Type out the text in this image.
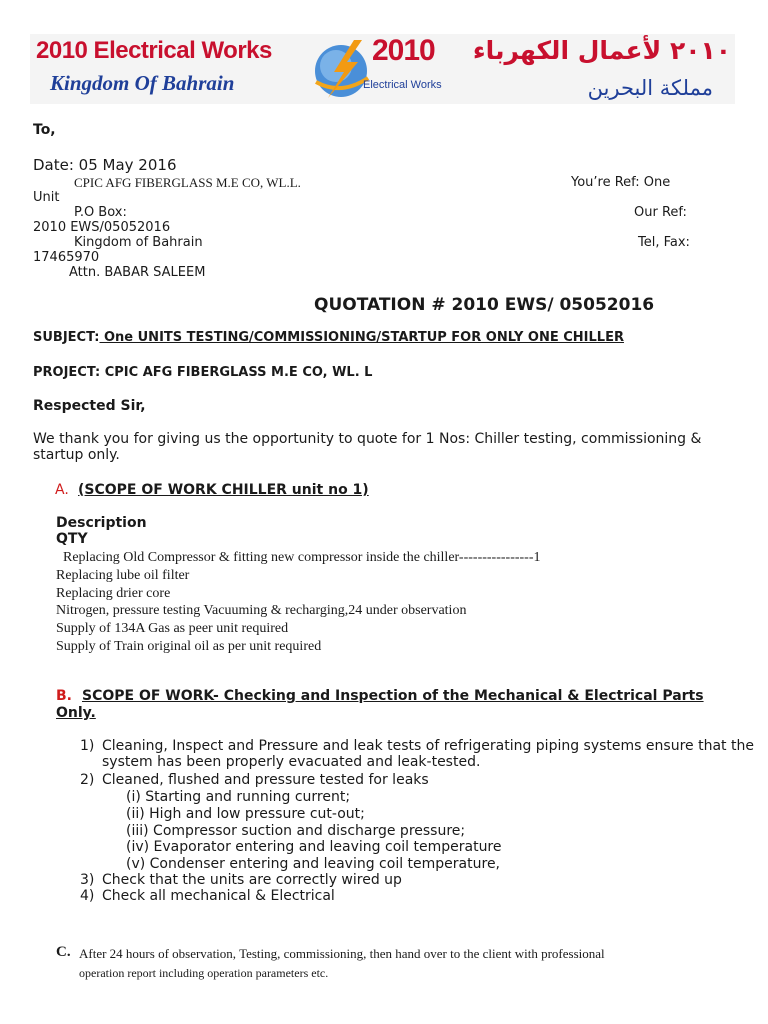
2010 Electrical Works
Kingdom Of Bahrain
2010
Electrical Works
٢٠١٠ لأعمال الكهرباء
مملكة البحرين
To,
Date: 05 May 2016
CPIC AFG FIBERGLASS M.E CO, WL.L.	You’re Ref: One
Unit
P.O Box:	Our Ref:
2010 EWS/05052016
Kingdom of Bahrain	Tel, Fax:
17465970
Attn. BABAR SALEEM
QUOTATION # 2010 EWS/ 05052016
SUBJECT: One UNITS TESTING/COMMISSIONING/STARTUP FOR ONLY ONE CHILLER
PROJECT: CPIC AFG FIBERGLASS M.E CO, WL. L
Respected Sir,
We thank you for giving us the opportunity to quote for 1 Nos: Chiller testing, commissioning &
startup only.
A. (SCOPE OF WORK CHILLER unit no 1)
Description
QTY
Replacing Old Compressor & fitting new compressor inside the chiller----------------1
Replacing lube oil filter
Replacing drier core
Nitrogen, pressure testing Vacuuming & recharging,24 under observation
Supply of 134A Gas as peer unit required
Supply of Train original oil as per unit required
B. SCOPE OF WORK- Checking and Inspection of the Mechanical & Electrical Parts
Only.
1) Cleaning, Inspect and Pressure and leak tests of refrigerating piping systems ensure that the
system has been properly evacuated and leak-tested.
2) Cleaned, flushed and pressure tested for leaks
(i) Starting and running current;
(ii) High and low pressure cut-out;
(iii) Compressor suction and discharge pressure;
(iv) Evaporator entering and leaving coil temperature
(v) Condenser entering and leaving coil temperature,
3) Check that the units are correctly wired up
4) Check all mechanical & Electrical
C. After 24 hours of observation, Testing, commissioning, then hand over to the client with professional
operation report including operation parameters etc.
